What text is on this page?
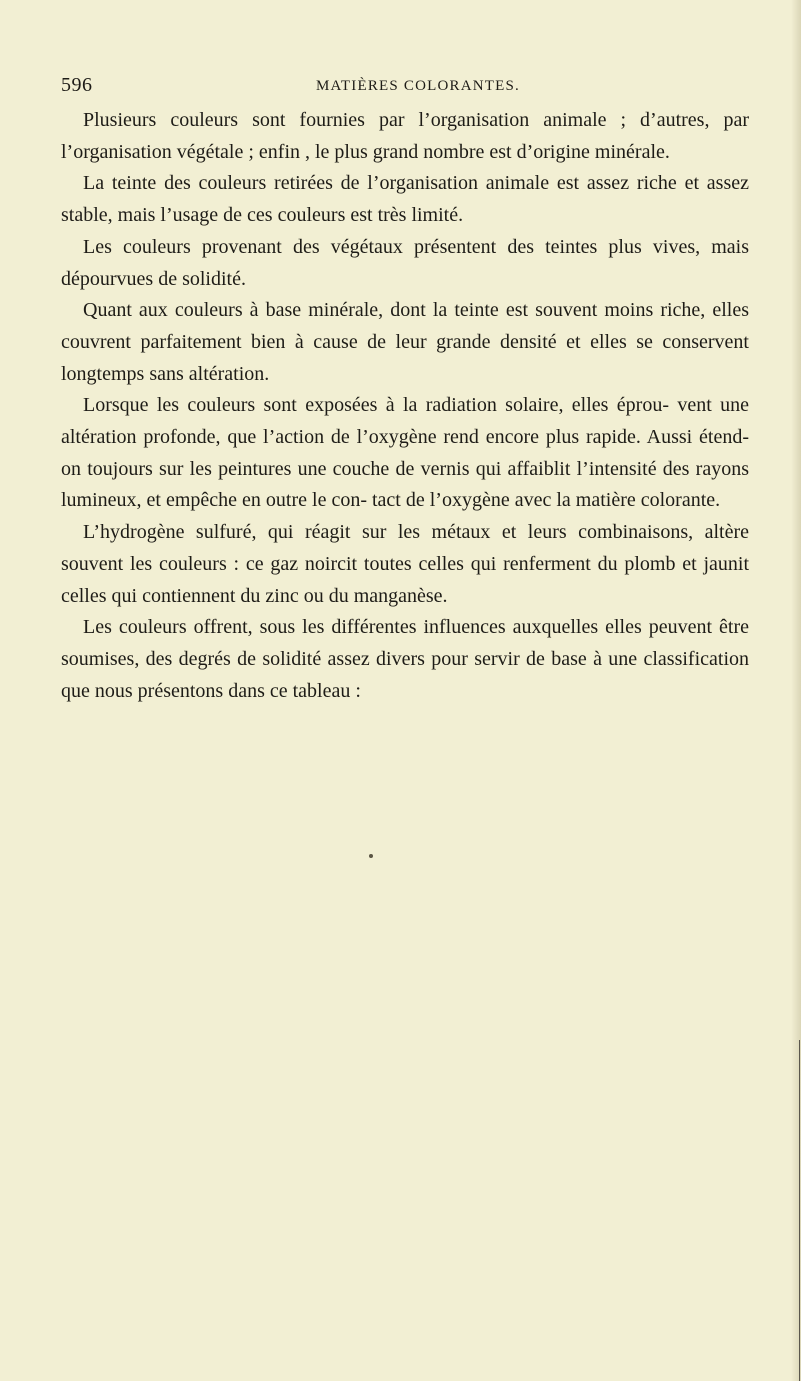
596	MATIÈRES COLORANTES.

Plusieurs couleurs sont fournies par l’organisation animale ; d’autres, par l’organisation végétale ; enfin , le plus grand nombre est d’origine minérale.

La teinte des couleurs retirées de l’organisation animale est assez riche et assez stable, mais l’usage de ces couleurs est très limité.

Les couleurs provenant des végétaux présentent des teintes plus vives, mais dépourvues de solidité.

Quant aux couleurs à base minérale, dont la teinte est souvent moins riche, elles couvrent parfaitement bien à cause de leur grande densité et elles se conservent longtemps sans altération.

Lorsque les couleurs sont exposées à la radiation solaire, elles éprou- vent une altération profonde, que l’action de l’oxygène rend encore plus rapide. Aussi étend-on toujours sur les peintures une couche de vernis qui affaiblit l’intensité des rayons lumineux, et empêche en outre le con- tact de l’oxygène avec la matière colorante.

L’hydrogène sulfuré, qui réagit sur les métaux et leurs combinaisons, altère souvent les couleurs : ce gaz noircit toutes celles qui renferment du plomb et jaunit celles qui contiennent du zinc ou du manganèse.

Les couleurs offrent, sous les différentes influences auxquelles elles peuvent être soumises, des degrés de solidité assez divers pour servir de base à une classification que nous présentons dans ce tableau :
